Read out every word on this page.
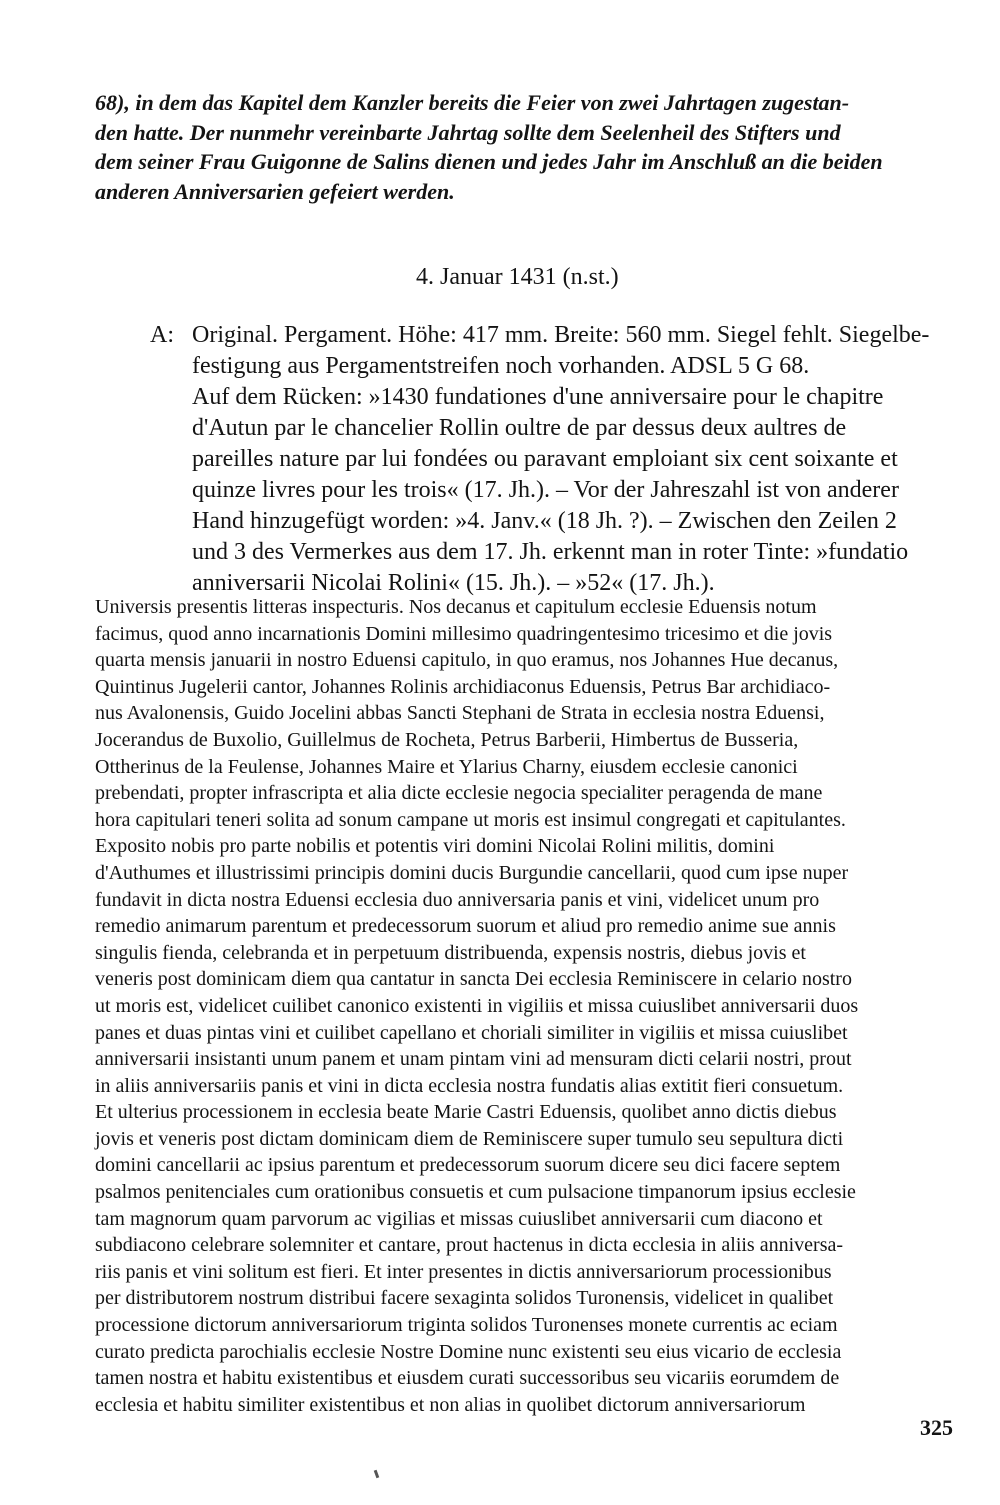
68), in dem das Kapitel dem Kanzler bereits die Feier von zwei Jahrtagen zugestan-
den hatte. Der nunmehr vereinbarte Jahrtag sollte dem Seelenheil des Stifters und
dem seiner Frau Guigonne de Salins dienen und jedes Jahr im Anschluß an die beiden
anderen Anniversarien gefeiert werden.
4. Januar 1431 (n.st.)
A: Original. Pergament. Höhe: 417 mm. Breite: 560 mm. Siegel fehlt. Siegelbe-
festigung aus Pergamentstreifen noch vorhanden. ADSL 5 G 68.
Auf dem Rücken: »1430 fundationes d'une anniversaire pour le chapitre
d'Autun par le chancelier Rollin oultre de par dessus deux aultres de
pareilles nature par lui fondées ou paravant emploiant six cent soixante et
quinze livres pour les trois« (17. Jh.). – Vor der Jahreszahl ist von anderer
Hand hinzugefügt worden: »4. Janv.« (18 Jh. ?). – Zwischen den Zeilen 2
und 3 des Vermerkes aus dem 17. Jh. erkennt man in roter Tinte: »fundatio
anniversarii Nicolai Rolini« (15. Jh.). – »52« (17. Jh.).
Universis presentis litteras inspecturis. Nos decanus et capitulum ecclesie Eduensis notum
facimus, quod anno incarnationis Domini millesimo quadringentesimo tricesimo et die jovis
quarta mensis januarii in nostro Eduensi capitulo, in quo eramus, nos Johannes Hue decanus,
Quintinus Jugelerii cantor, Johannes Rolinis archidiaconus Eduensis, Petrus Bar archidiaco-
nus Avalonensis, Guido Jocelini abbas Sancti Stephani de Strata in ecclesia nostra Eduensi,
Jocerandus de Buxolio, Guillelmus de Rocheta, Petrus Barberii, Himbertus de Busseria,
Ottherinus de la Feulense, Johannes Maire et Ylarius Charny, eiusdem ecclesie canonici
prebendati, propter infrascripta et alia dicte ecclesie negocia specialiter peragenda de mane
hora capitulari teneri solita ad sonum campane ut moris est insimul congregati et capitulantes.
Exposito nobis pro parte nobilis et potentis viri domini Nicolai Rolini militis, domini
d'Authumes et illustrissimi principis domini ducis Burgundie cancellarii, quod cum ipse nuper
fundavit in dicta nostra Eduensi ecclesia duo anniversaria panis et vini, videlicet unum pro
remedio animarum parentum et predecessorum suorum et aliud pro remedio anime sue annis
singulis fienda, celebranda et in perpetuum distribuenda, expensis nostris, diebus jovis et
veneris post dominicam diem qua cantatur in sancta Dei ecclesia Reminiscere in celario nostro
ut moris est, videlicet cuilibet canonico existenti in vigiliis et missa cuiuslibet anniversarii duos
panes et duas pintas vini et cuilibet capellano et choriali similiter in vigiliis et missa cuiuslibet
anniversarii insistanti unum panem et unam pintam vini ad mensuram dicti celarii nostri, prout
in aliis anniversariis panis et vini in dicta ecclesia nostra fundatis alias extitit fieri consuetum.
Et ulterius processionem in ecclesia beate Marie Castri Eduensis, quolibet anno dictis diebus
jovis et veneris post dictam dominicam diem de Reminiscere super tumulo seu sepultura dicti
domini cancellarii ac ipsius parentum et predecessorum suorum dicere seu dici facere septem
psalmos penitenciales cum orationibus consuetis et cum pulsacione timpanorum ipsius ecclesie
tam magnorum quam parvorum ac vigilias et missas cuiuslibet anniversarii cum diacono et
subdiacono celebrare solemniter et cantare, prout hactenus in dicta ecclesia in aliis anniversa-
riis panis et vini solitum est fieri. Et inter presentes in dictis anniversariorum processionibus
per distributorem nostrum distribui facere sexaginta solidos Turonensis, videlicet in qualibet
processione dictorum anniversariorum triginta solidos Turonenses monete currentis ac eciam
curato predicta parochialis ecclesie Nostre Domine nunc existenti seu eius vicario de ecclesia
tamen nostra et habitu existentibus et eiusdem curati successoribus seu vicariis eorumdem de
ecclesia et habitu similiter existentibus et non alias in quolibet dictorum anniversariorum
325
